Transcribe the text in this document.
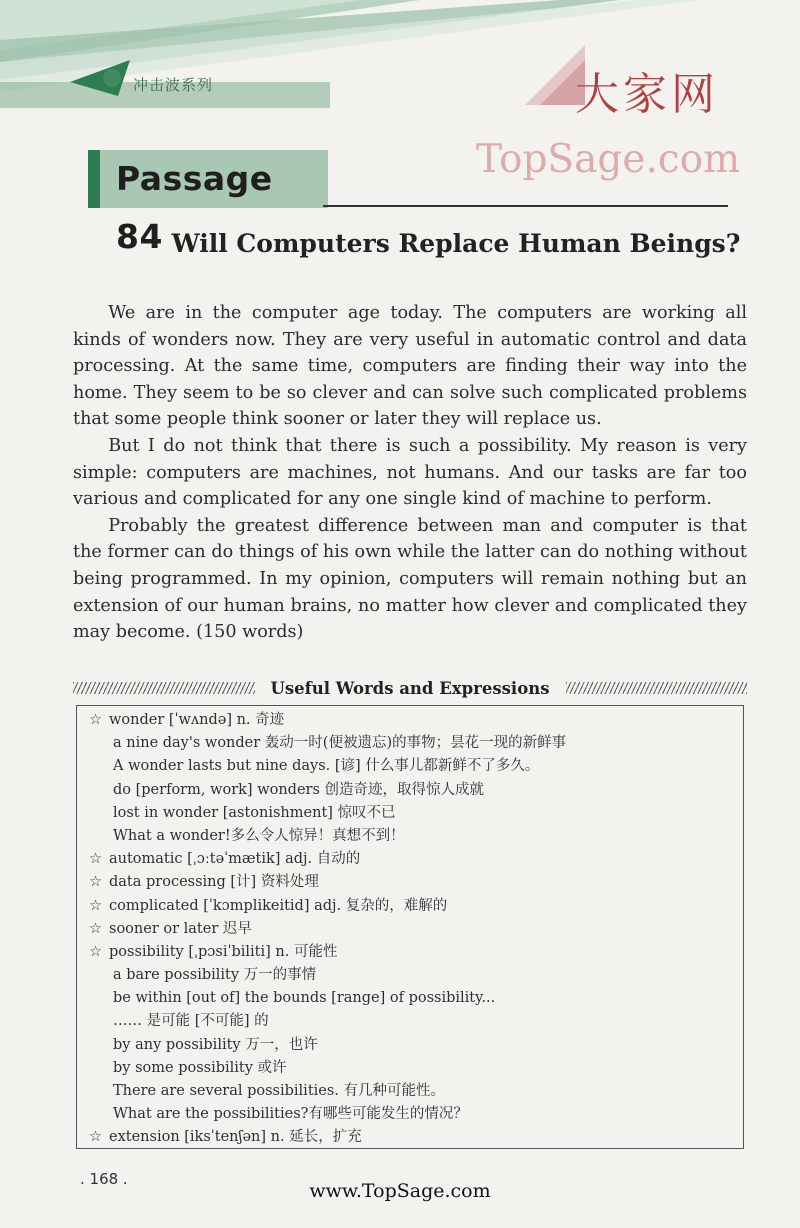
冲击波系列	大家网
TopSage.com
Passage 84 Will Computers Replace Human Beings?

We are in the computer age today. The computers are working all kinds of wonders now. They are very useful in automatic control and data processing. At the same time, computers are finding their way into the home. They seem to be so clever and can solve such complicated problems that some people think sooner or later they will replace us.

But I do not think that there is such a possibility. My reason is very simple: computers are machines, not humans. And our tasks are far too various and complicated for any one single kind of machine to perform.

Probably the greatest difference between man and computer is that the former can do things of his own while the latter can do nothing without being programmed. In my opinion, computers will remain nothing but an extension of our human brains, no matter how clever and complicated they may become. (150 words)

Useful Words and Expressions
☆ wonder [ˈwʌndə] n. 奇迹
a nine day's wonder 轰动一时(便被遗忘)的事物；昙花一现的新鲜事
A wonder lasts but nine days. [谚] 什么事儿都新鲜不了多久。
do [perform, work] wonders 创造奇迹，取得惊人成就
lost in wonder [astonishment] 惊叹不已
What a wonder!多么令人惊异！真想不到！
☆ automatic [ˌɔːtəˈmætik] adj. 自动的
☆ data processing [计] 资料处理
☆ complicated [ˈkɔmplikeitid] adj. 复杂的，难解的
☆ sooner or later 迟早
☆ possibility [ˌpɔsiˈbiliti] n. 可能性
a bare possibility 万一的事情
be within [out of] the bounds [range] of possibility...
…… 是可能 [不可能] 的
by any possibility 万一，也许
by some possibility 或许
There are several possibilities. 有几种可能性。
What are the possibilities?有哪些可能发生的情况？
☆ extension [iksˈtenʃən] n. 延长，扩充
. 168 .
www.TopSage.com
